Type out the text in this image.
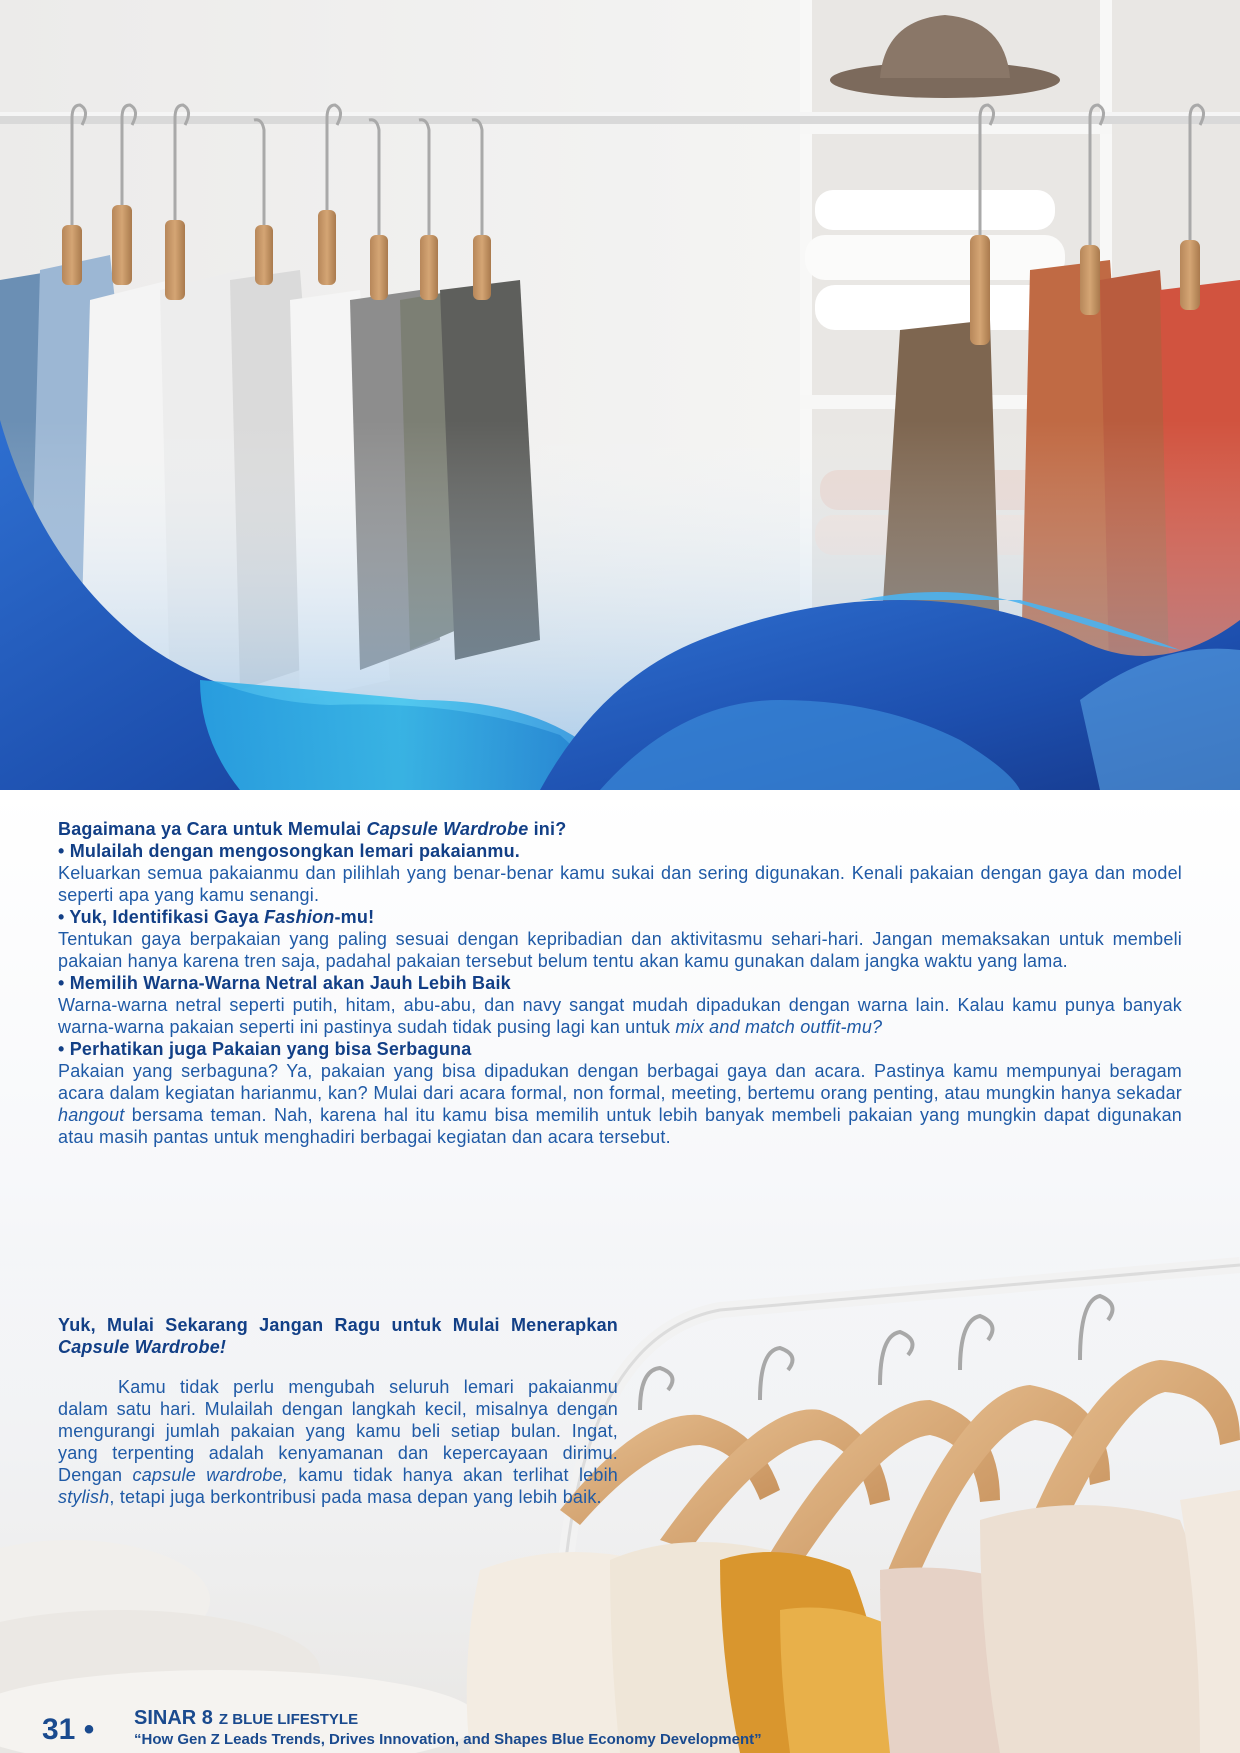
Bagaimana ya Cara untuk Memulai Capsule Wardrobe ini?

• Mulailah dengan mengosongkan lemari pakaianmu.

Keluarkan semua pakaianmu dan pilihlah yang benar-benar kamu sukai dan sering digunakan. Kenali pakaian dengan gaya dan model seperti apa yang kamu senangi.

• Yuk, Identifikasi Gaya Fashion-mu!

Tentukan gaya berpakaian yang paling sesuai dengan kepribadian dan aktivitasmu sehari-hari. Jangan memaksakan untuk membeli pakaian hanya karena tren saja, padahal pakaian tersebut belum tentu akan kamu gunakan dalam jangka waktu yang lama.

• Memilih Warna-Warna Netral akan Jauh Lebih Baik

Warna-warna netral seperti putih, hitam, abu-abu, dan navy sangat mudah dipadukan dengan warna lain. Kalau kamu punya banyak warna-warna pakaian seperti ini pastinya sudah tidak pusing lagi kan untuk mix and match outfit-mu?

• Perhatikan juga Pakaian yang bisa Serbaguna

Pakaian yang serbaguna? Ya, pakaian yang bisa dipadukan dengan berbagai gaya dan acara. Pastinya kamu mempunyai beragam acara dalam kegiatan harianmu, kan? Mulai dari acara formal, non formal, meeting, bertemu orang penting, atau mungkin hanya sekadar hangout bersama teman. Nah, karena hal itu kamu bisa memilih untuk lebih banyak membeli pakaian yang mungkin dapat digunakan atau masih pantas untuk menghadiri berbagai kegiatan dan acara tersebut.

Yuk, Mulai Sekarang Jangan Ragu untuk Mulai Menerapkan Capsule Wardrobe!

Kamu tidak perlu mengubah seluruh lemari pakaianmu dalam satu hari. Mulailah dengan langkah kecil, misalnya dengan mengurangi jumlah pakaian yang kamu beli setiap bulan. Ingat, yang terpenting adalah kenyamanan dan kepercayaan dirimu. Dengan capsule wardrobe, kamu tidak hanya akan terlihat lebih stylish, tetapi juga berkontribusi pada masa depan yang lebih baik.

31 • SINAR 8 Z BLUE LIFESTYLE
“How Gen Z Leads Trends, Drives Innovation, and Shapes Blue Economy Development”
